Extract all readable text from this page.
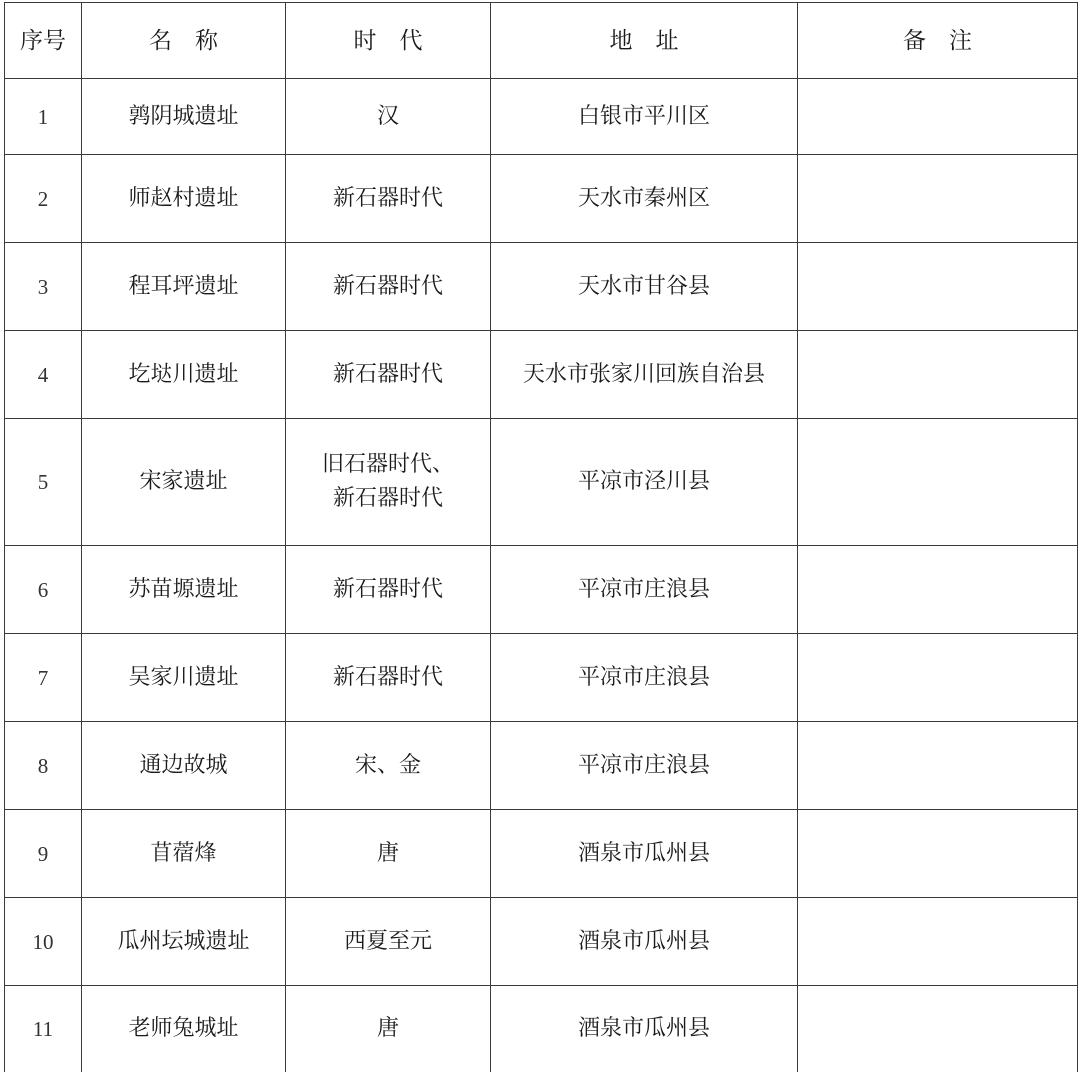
序号	名　称	时　代	地　址	备　注
1	鹑阴城遗址	汉	白银市平川区	
2	师赵村遗址	新石器时代	天水市秦州区	
3	程耳坪遗址	新石器时代	天水市甘谷县	
4	圪垯川遗址	新石器时代	天水市张家川回族自治县	
5	宋家遗址	旧石器时代、新石器时代	平凉市泾川县	
6	苏苗塬遗址	新石器时代	平凉市庄浪县	
7	吴家川遗址	新石器时代	平凉市庄浪县	
8	通边故城	宋、金	平凉市庄浪县	
9	苜蓿烽	唐	酒泉市瓜州县	
10	瓜州坛城遗址	西夏至元	酒泉市瓜州县	
11	老师兔城址	唐	酒泉市瓜州县	
